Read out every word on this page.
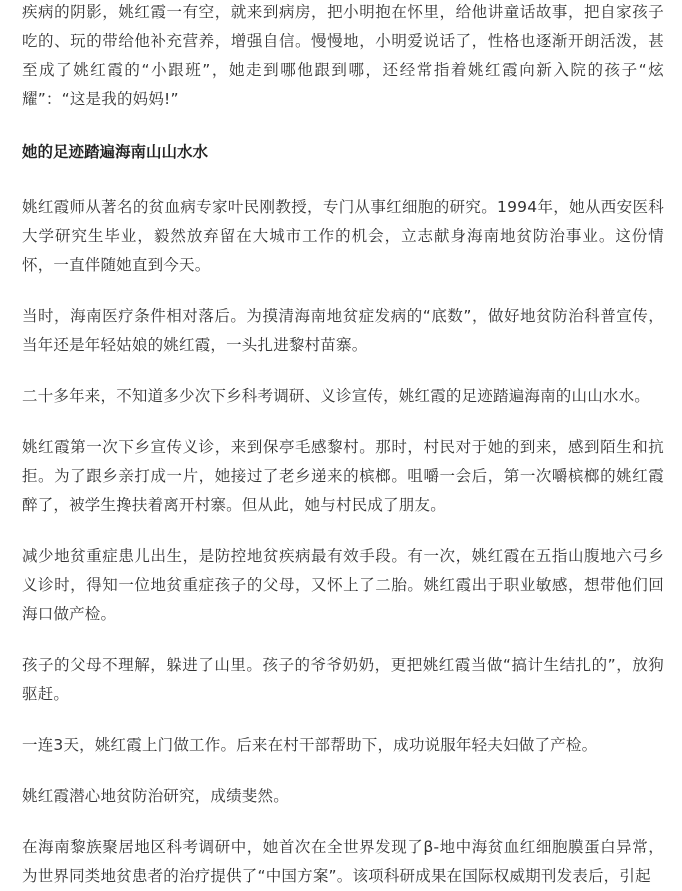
疾病的阴影，姚红霞一有空，就来到病房，把小明抱在怀里，给他讲童话故事，把自家孩子吃的、玩的带给他补充营养，增强自信。慢慢地，小明爱说话了，性格也逐渐开朗活泼，甚至成了姚红霞的“小跟班”，她走到哪他跟到哪，还经常指着姚红霞向新入院的孩子“炫耀”：“这是我的妈妈!”

她的足迹踏遍海南山山水水

姚红霞师从著名的贫血病专家叶民刚教授，专门从事红细胞的研究。1994年，她从西安医科大学研究生毕业，毅然放弃留在大城市工作的机会，立志献身海南地贫防治事业。这份情怀，一直伴随她直到今天。

当时，海南医疗条件相对落后。为摸清海南地贫症发病的“底数”，做好地贫防治科普宣传，当年还是年轻姑娘的姚红霞，一头扎进黎村苗寨。

二十多年来，不知道多少次下乡科考调研、义诊宣传，姚红霞的足迹踏遍海南的山山水水。

姚红霞第一次下乡宣传义诊，来到保亭毛感黎村。那时，村民对于她的到来，感到陌生和抗拒。为了跟乡亲打成一片，她接过了老乡递来的槟榔。咀嚼一会后，第一次嚼槟榔的姚红霞醉了，被学生搀扶着离开村寨。但从此，她与村民成了朋友。

减少地贫重症患儿出生，是防控地贫疾病最有效手段。有一次，姚红霞在五指山腹地六弓乡义诊时，得知一位地贫重症孩子的父母，又怀上了二胎。姚红霞出于职业敏感，想带他们回海口做产检。

孩子的父母不理解，躲进了山里。孩子的爷爷奶奶，更把姚红霞当做“搞计生结扎的”，放狗驱赶。

一连3天，姚红霞上门做工作。后来在村干部帮助下，成功说服年轻夫妇做了产检。

姚红霞潜心地贫防治研究，成绩斐然。

在海南黎族聚居地区科考调研中，她首次在全世界发现了β-地中海贫血红细胞膜蛋白异常，为世界同类地贫患者的治疗提供了“中国方案”。该项科研成果在国际权威期刊发表后，引起
